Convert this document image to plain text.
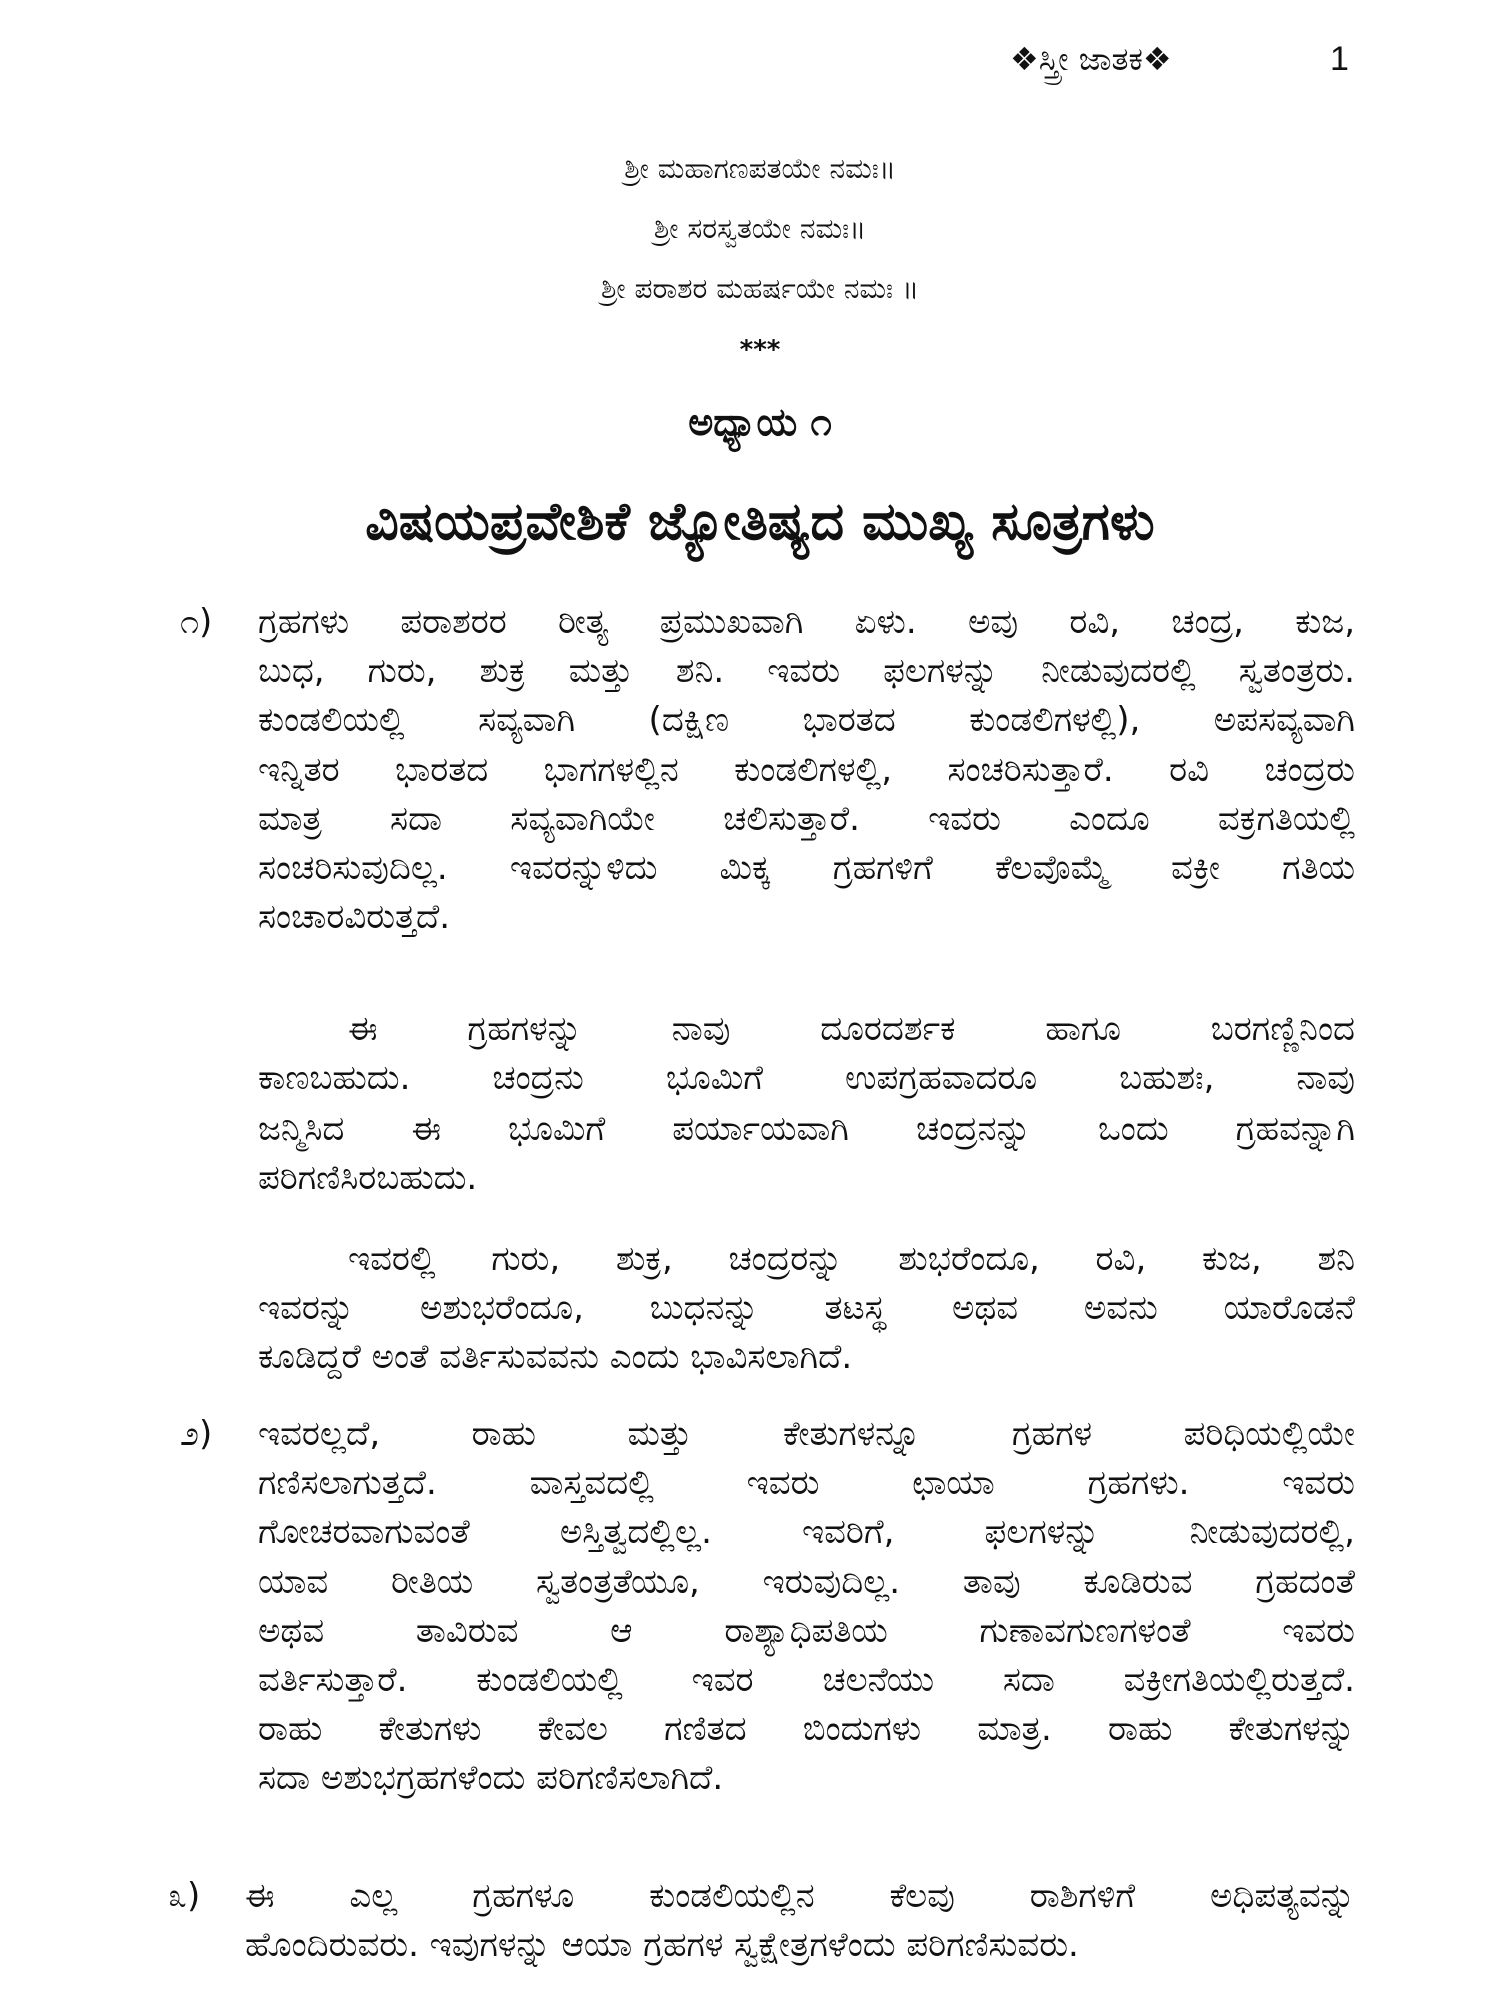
❖ಸ್ತ್ರೀ ಜಾತಕ❖	1
ಶ್ರೀ ಮಹಾಗಣಪತಯೇ ನಮಃ॥
ಶ್ರೀ ಸರಸ್ವತಯೇ ನಮಃ॥
ಶ್ರೀ ಪರಾಶರ ಮಹರ್ಷಯೇ ನಮಃ ॥
***
ಅಧ್ಯಾಯ ೧
ವಿಷಯಪ್ರವೇಶಿಕೆ ಜ್ಯೋತಿಷ್ಯದ ಮುಖ್ಯ ಸೂತ್ರಗಳು
೧) ಗ್ರಹಗಳು ಪರಾಶರರ ರೀತ್ಯ ಪ್ರಮುಖವಾಗಿ ಏಳು. ಅವು ರವಿ, ಚಂದ್ರ, ಕುಜ,
ಬುಧ, ಗುರು, ಶುಕ್ರ ಮತ್ತು ಶನಿ. ಇವರು ಫಲಗಳನ್ನು ನೀಡುವುದರಲ್ಲಿ ಸ್ವತಂತ್ರರು.
ಕುಂಡಲಿಯಲ್ಲಿ ಸವ್ಯವಾಗಿ (ದಕ್ಷಿಣ ಭಾರತದ ಕುಂಡಲಿಗಳಲ್ಲಿ), ಅಪಸವ್ಯವಾಗಿ
ಇನ್ನಿತರ ಭಾರತದ ಭಾಗಗಳಲ್ಲಿನ ಕುಂಡಲಿಗಳಲ್ಲಿ, ಸಂಚರಿಸುತ್ತಾರೆ. ರವಿ ಚಂದ್ರರು
ಮಾತ್ರ ಸದಾ ಸವ್ಯವಾಗಿಯೇ ಚಲಿಸುತ್ತಾರೆ. ಇವರು ಎಂದೂ ವಕ್ರಗತಿಯಲ್ಲಿ
ಸಂಚರಿಸುವುದಿಲ್ಲ. ಇವರನ್ನುಳಿದು ಮಿಕ್ಕ ಗ್ರಹಗಳಿಗೆ ಕೆಲವೊಮ್ಮೆ ವಕ್ರೀ ಗತಿಯ
ಸಂಚಾರವಿರುತ್ತದೆ.
ಈ ಗ್ರಹಗಳನ್ನು ನಾವು ದೂರದರ್ಶಕ ಹಾಗೂ ಬರಗಣ್ಣಿನಿಂದ
ಕಾಣಬಹುದು. ಚಂದ್ರನು ಭೂಮಿಗೆ ಉಪಗ್ರಹವಾದರೂ ಬಹುಶಃ, ನಾವು
ಜನ್ಮಿಸಿದ ಈ ಭೂಮಿಗೆ ಪರ್ಯಾಯವಾಗಿ ಚಂದ್ರನನ್ನು ಒಂದು ಗ್ರಹವನ್ನಾಗಿ
ಪರಿಗಣಿಸಿರಬಹುದು.
ಇವರಲ್ಲಿ ಗುರು, ಶುಕ್ರ, ಚಂದ್ರರನ್ನು ಶುಭರೆಂದೂ, ರವಿ, ಕುಜ, ಶನಿ
ಇವರನ್ನು ಅಶುಭರೆಂದೂ, ಬುಧನನ್ನು ತಟಸ್ಥ ಅಥವ ಅವನು ಯಾರೊಡನೆ
ಕೂಡಿದ್ದರೆ ಅಂತೆ ವರ್ತಿಸುವವನು ಎಂದು ಭಾವಿಸಲಾಗಿದೆ.
೨) ಇವರಲ್ಲದೆ, ರಾಹು ಮತ್ತು ಕೇತುಗಳನ್ನೂ ಗ್ರಹಗಳ ಪರಿಧಿಯಲ್ಲಿಯೇ
ಗಣಿಸಲಾಗುತ್ತದೆ. ವಾಸ್ತವದಲ್ಲಿ ಇವರು ಛಾಯಾ ಗ್ರಹಗಳು. ಇವರು
ಗೋಚರವಾಗುವಂತೆ ಅಸ್ತಿತ್ವದಲ್ಲಿಲ್ಲ. ಇವರಿಗೆ, ಫಲಗಳನ್ನು ನೀಡುವುದರಲ್ಲಿ,
ಯಾವ ರೀತಿಯ ಸ್ವತಂತ್ರತೆಯೂ, ಇರುವುದಿಲ್ಲ. ತಾವು ಕೂಡಿರುವ ಗ್ರಹದಂತೆ
ಅಥವ ತಾವಿರುವ ಆ ರಾಶ್ಯಾಧಿಪತಿಯ ಗುಣಾವಗುಣಗಳಂತೆ ಇವರು
ವರ್ತಿಸುತ್ತಾರೆ. ಕುಂಡಲಿಯಲ್ಲಿ ಇವರ ಚಲನೆಯು ಸದಾ ವಕ್ರೀಗತಿಯಲ್ಲಿರುತ್ತದೆ.
ರಾಹು ಕೇತುಗಳು ಕೇವಲ ಗಣಿತದ ಬಿಂದುಗಳು ಮಾತ್ರ. ರಾಹು ಕೇತುಗಳನ್ನು
ಸದಾ ಅಶುಭಗ್ರಹಗಳೆಂದು ಪರಿಗಣಿಸಲಾಗಿದೆ.
೩) ಈ ಎಲ್ಲ ಗ್ರಹಗಳೂ ಕುಂಡಲಿಯಲ್ಲಿನ ಕೆಲವು ರಾಶಿಗಳಿಗೆ ಅಧಿಪತ್ಯವನ್ನು
ಹೊಂದಿರುವರು. ಇವುಗಳನ್ನು ಆಯಾ ಗ್ರಹಗಳ ಸ್ವಕ್ಷೇತ್ರಗಳೆಂದು ಪರಿಗಣಿಸುವರು.
